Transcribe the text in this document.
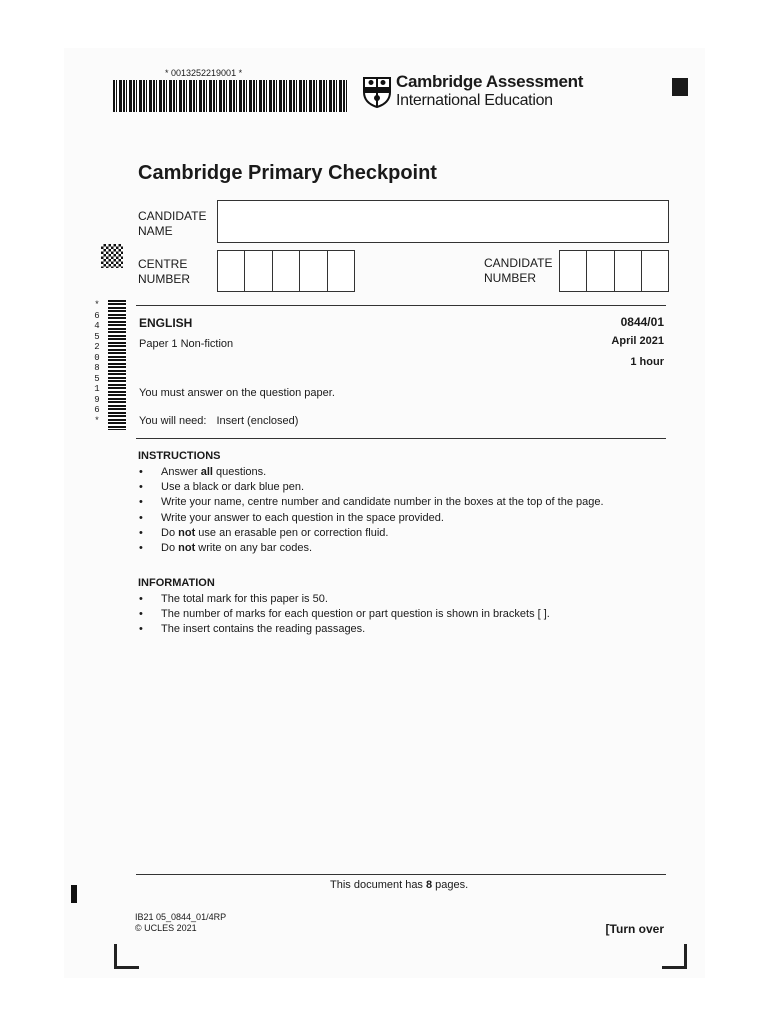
* 0013252219001 *	Cambridge Assessment
International Education
Cambridge Primary Checkpoint
CANDIDATE
NAME
CENTRE
NUMBER
CANDIDATE
NUMBER
*6452085196*
ENGLISH
Paper 1 Non-fiction
0844/01
April 2021
1 hour
You must answer on the question paper.
You will need: Insert (enclosed)
INSTRUCTIONS
• Answer all questions.
• Use a black or dark blue pen.
• Write your name, centre number and candidate number in the boxes at the top of the page.
• Write your answer to each question in the space provided.
• Do not use an erasable pen or correction fluid.
• Do not write on any bar codes.
INFORMATION
• The total mark for this paper is 50.
• The number of marks for each question or part question is shown in brackets [ ].
• The insert contains the reading passages.
This document has 8 pages.
IB21 05_0844_01/4RP
© UCLES 2021	[Turn over
